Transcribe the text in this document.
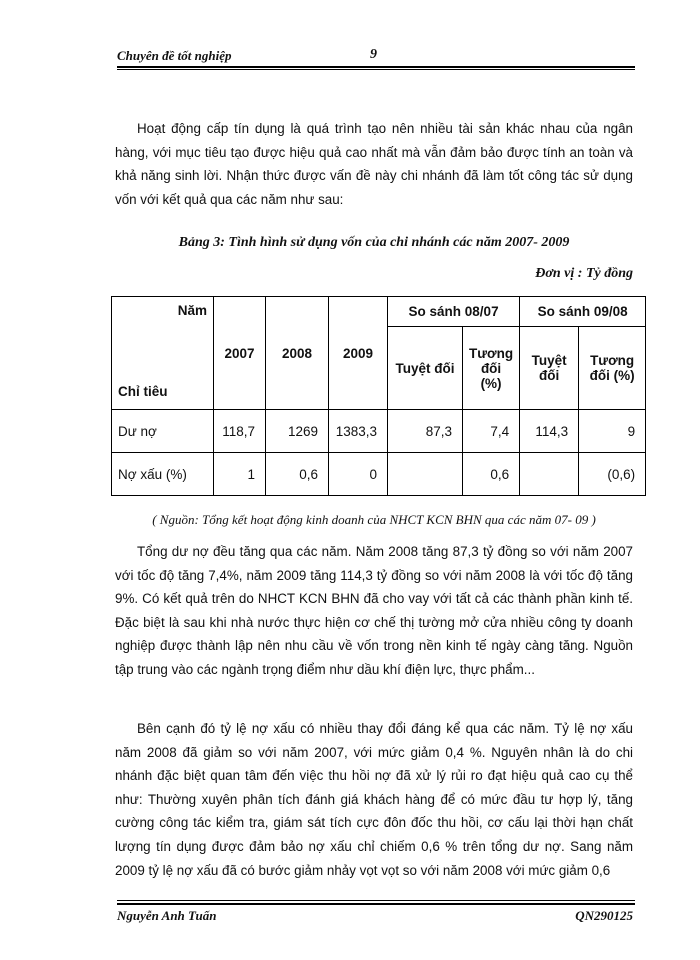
Chuyên đề tốt nghiệp	9
Hoạt động cấp tín dụng là quá trình tạo nên nhiều tài sản khác nhau của ngân hàng, với mục tiêu tạo được hiệu quả cao nhất mà vẫn đảm bảo được tính an toàn và khả năng sinh lời. Nhận thức được vấn đề này chi nhánh đã làm tốt công tác sử dụng vốn với kết quả qua các năm như sau:
Bảng 3: Tình hình sử dụng vốn của chi nhánh các năm 2007- 2009
Đơn vị : Tỷ đồng
Năm
Chỉ tiêu	2007	2008	2009	So sánh 08/07		So sánh 09/08	
				Tuyệt đối	Tương đối (%)	Tuyệt đối	Tương đối (%)
Dư nợ	118,7	1269	1383,3	87,3	7,4	114,3	9
Nợ xấu (%)	1	0,6	0		0,6		(0,6)
( Nguồn: Tổng kết hoạt động kinh doanh của NHCT KCN BHN qua các năm 07- 09 )
Tổng dư nợ đều tăng qua các năm. Năm 2008 tăng 87,3 tỷ đồng so với năm 2007 với tốc độ tăng 7,4%, năm 2009 tăng 114,3 tỷ đồng so với năm 2008 là với tốc độ tăng 9%. Có kết quả trên do NHCT KCN BHN đã cho vay với tất cả các thành phần kinh tế. Đặc biệt là sau khi nhà nước thực hiện cơ chế thị tường mở cửa nhiều công ty doanh nghiệp được thành lập nên nhu cầu về vốn trong nền kinh tế ngày càng tăng. Nguồn tập trung vào các ngành trọng điểm như dầu khí điện lực, thực phẩm...
Bên cạnh đó tỷ lệ nợ xấu có nhiều thay đổi đáng kể qua các năm. Tỷ lệ nợ xấu năm 2008 đã giảm so với năm 2007, với mức giảm 0,4 %. Nguyên nhân là do chi nhánh đặc biệt quan tâm đến việc thu hồi nợ đã xử lý rủi ro đạt hiệu quả cao cụ thể như: Thường xuyên phân tích đánh giá khách hàng để có mức đầu tư hợp lý, tăng cường công tác kiểm tra, giám sát tích cực đôn đốc thu hồi, cơ cấu lại thời hạn chất lượng tín dụng được đảm bảo nợ xấu chỉ chiếm 0,6 % trên tổng dư nợ. Sang năm 2009 tỷ lệ nợ xấu đã có bước giảm nhảy vọt vọt so với năm 2008 với mức giảm 0,6
Nguyễn Anh Tuấn	QN290125
